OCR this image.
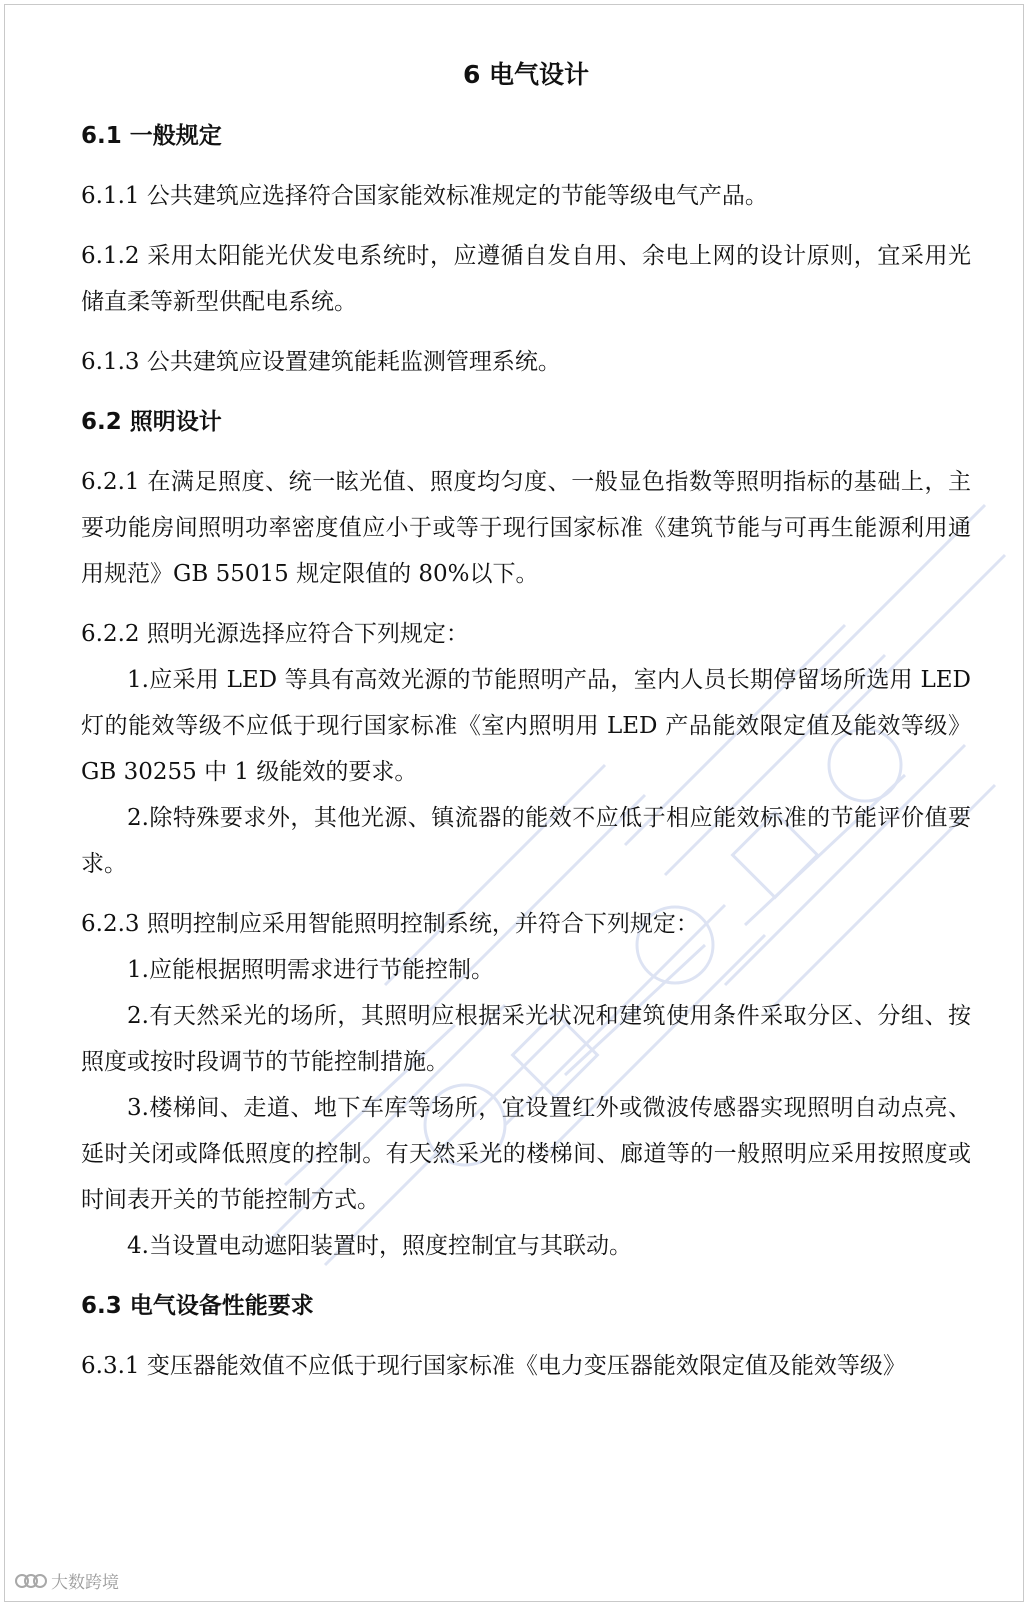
6 电气设计
6.1 一般规定
6.1.1 公共建筑应选择符合国家能效标准规定的节能等级电气产品。
6.1.2 采用太阳能光伏发电系统时，应遵循自发自用、余电上网的设计原则，宜采用光储直柔等新型供配电系统。
6.1.3 公共建筑应设置建筑能耗监测管理系统。
6.2 照明设计
6.2.1 在满足照度、统一眩光值、照度均匀度、一般显色指数等照明指标的基础上，主要功能房间照明功率密度值应小于或等于现行国家标准《建筑节能与可再生能源利用通用规范》GB 55015 规定限值的 80%以下。
6.2.2 照明光源选择应符合下列规定：
1.应采用 LED 等具有高效光源的节能照明产品，室内人员长期停留场所选用 LED 灯的能效等级不应低于现行国家标准《室内照明用 LED 产品能效限定值及能效等级》GB 30255 中 1 级能效的要求。
2.除特殊要求外，其他光源、镇流器的能效不应低于相应能效标准的节能评价值要求。
6.2.3 照明控制应采用智能照明控制系统，并符合下列规定：
1.应能根据照明需求进行节能控制。
2.有天然采光的场所，其照明应根据采光状况和建筑使用条件采取分区、分组、按照度或按时段调节的节能控制措施。
3.楼梯间、走道、地下车库等场所，宜设置红外或微波传感器实现照明自动点亮、延时关闭或降低照度的控制。有天然采光的楼梯间、廊道等的一般照明应采用按照度或时间表开关的节能控制方式。
4.当设置电动遮阳装置时，照度控制宜与其联动。
6.3 电气设备性能要求
6.3.1 变压器能效值不应低于现行国家标准《电力变压器能效限定值及能效等级》
大数跨境
